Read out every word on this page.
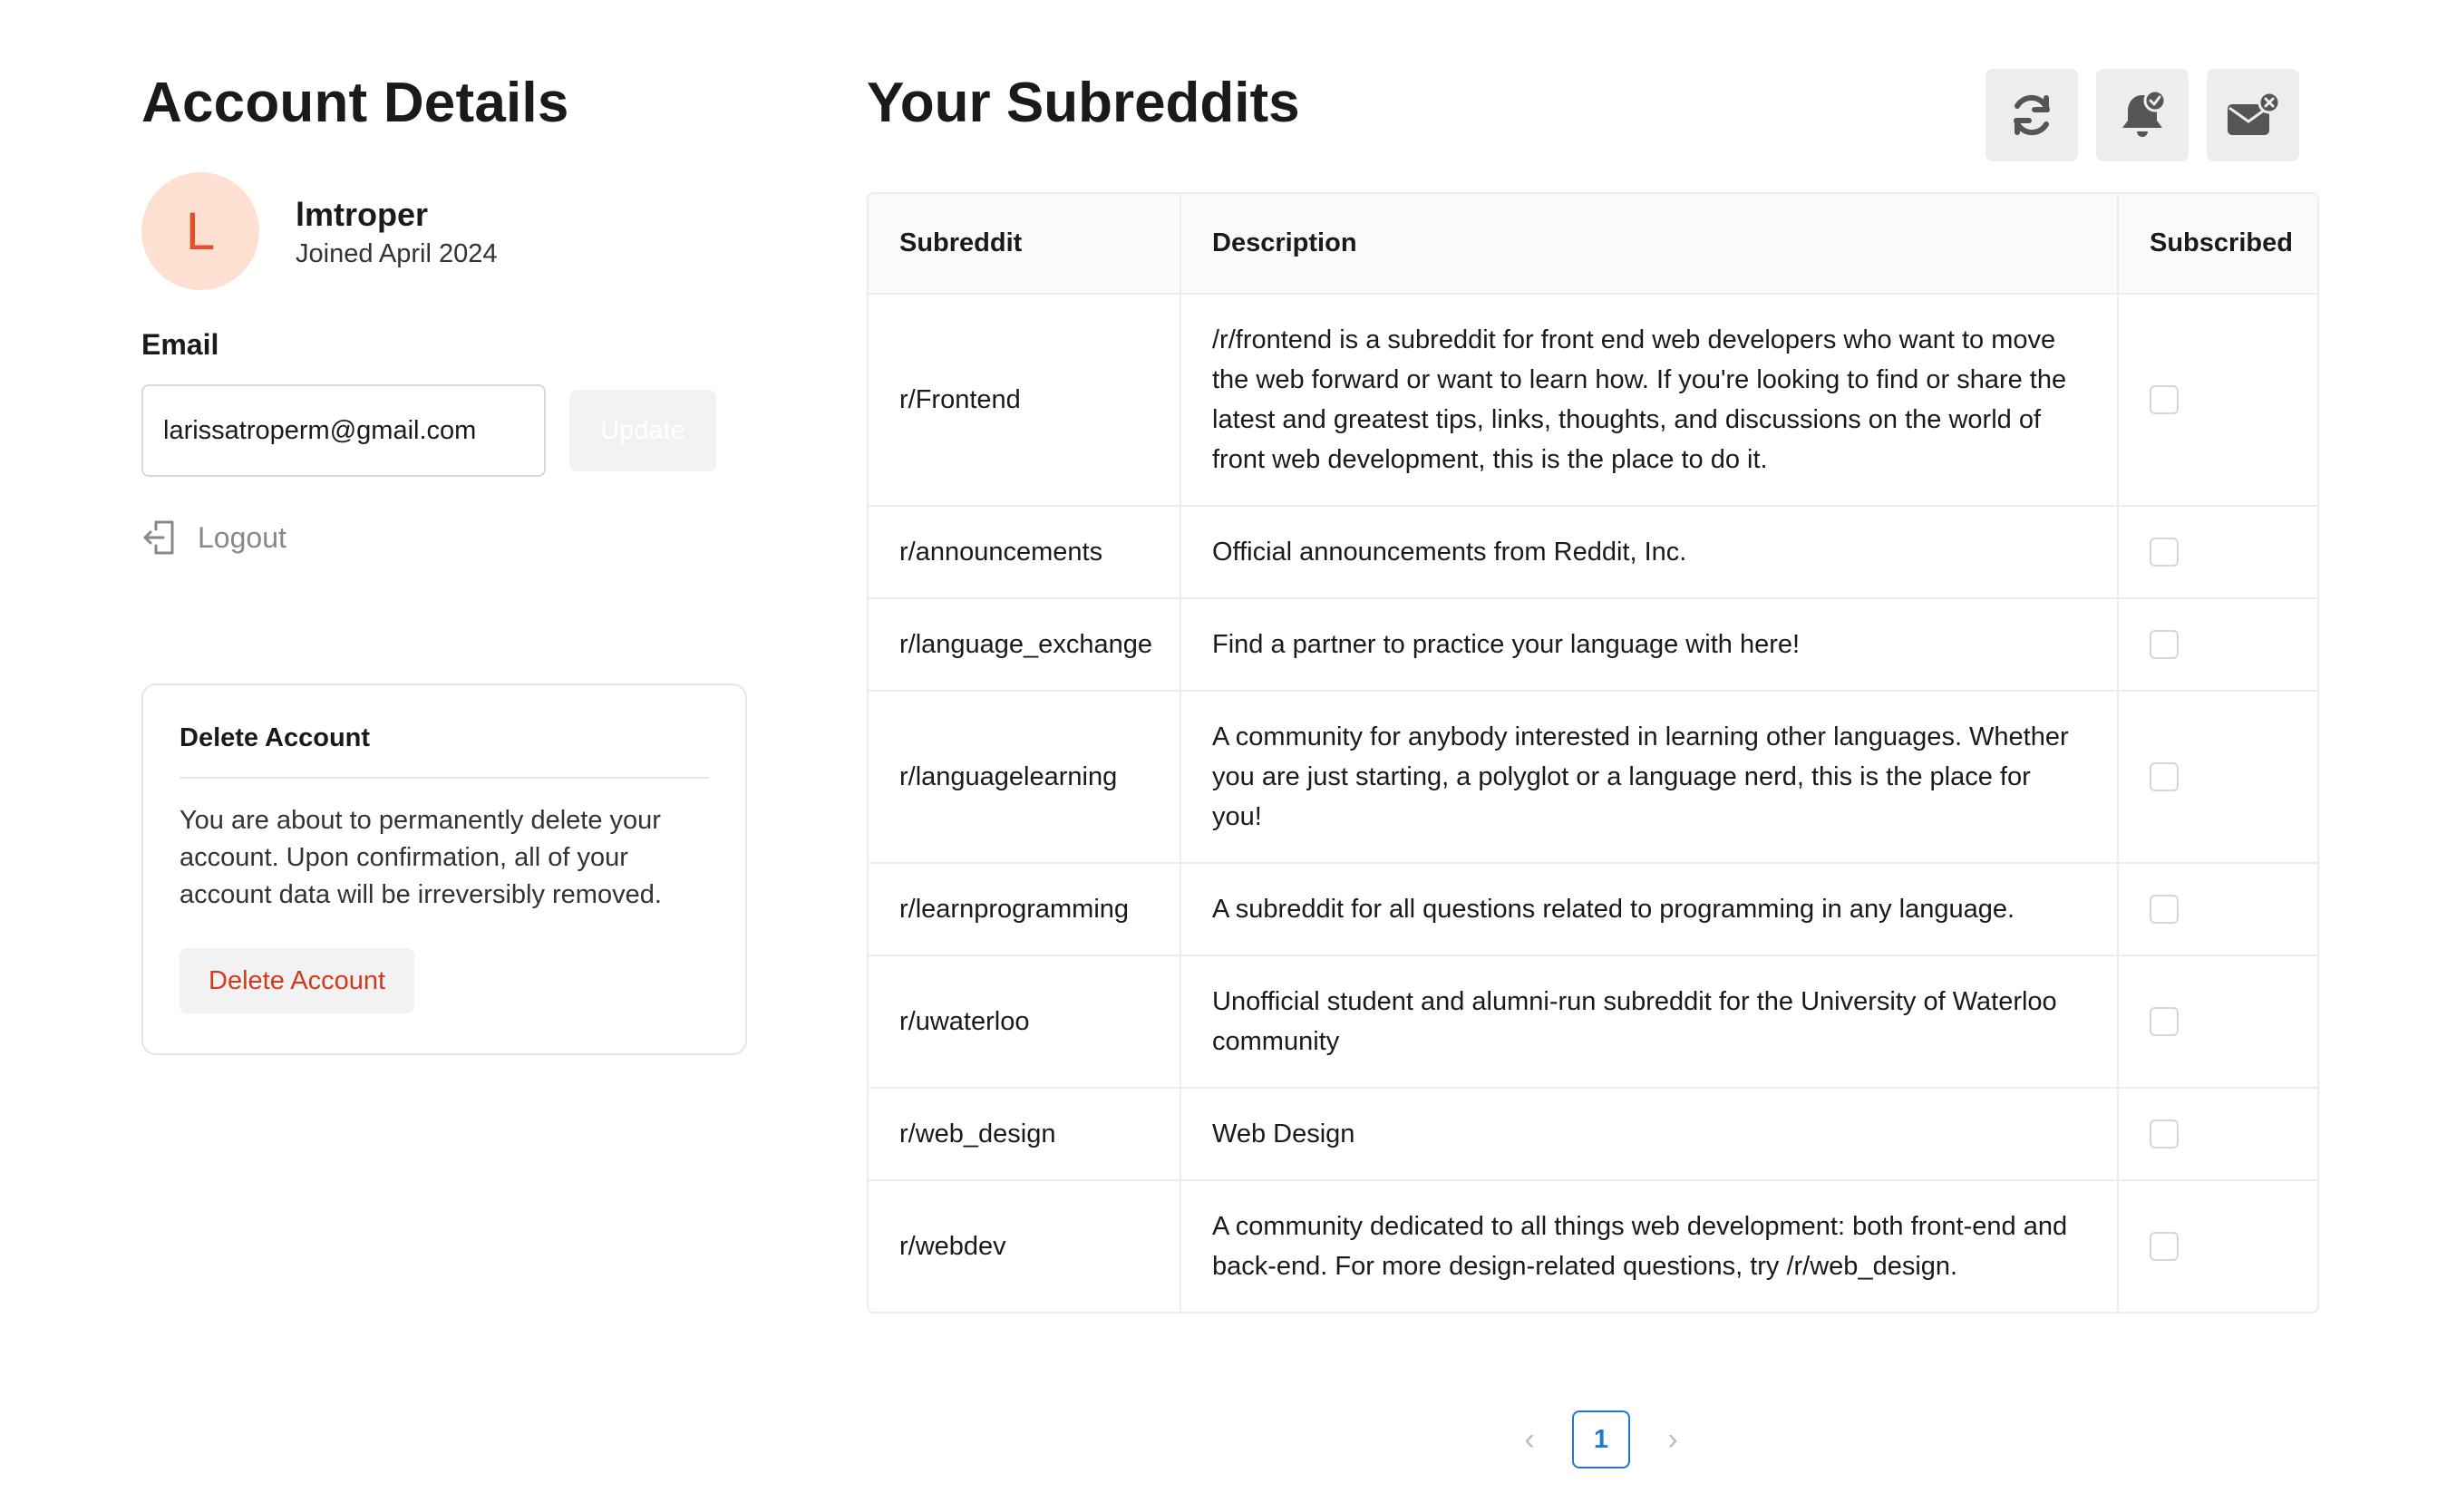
Account Details
L	lmtroper
Joined April 2024
Email
larissatroperm@gmail.com
Update
Logout
Delete Account
You are about to permanently delete your account. Upon confirmation, all of your account data will be irreversibly removed.
Delete Account
Your Subreddits
Subreddit	Description	Subscribed
r/Frontend	/r/frontend is a subreddit for front end web developers who want to move the web forward or want to learn how. If you're looking to find or share the latest and greatest tips, links, thoughts, and discussions on the world of front web development, this is the place to do it.	

r/announcements	Official announcements from Reddit, Inc.	

r/language_exchange	Find a partner to practice your language with here!	

r/languagelearning	A community for anybody interested in learning other languages. Whether you are just starting, a polyglot or a language nerd, this is the place for you!	

r/learnprogramming	A subreddit for all questions related to programming in any language.	

r/uwaterloo	Unofficial student and alumni-run subreddit for the University of Waterloo community	

r/web_design	Web Design	

r/webdev	A community dedicated to all things web development: both front-end and back-end. For more design-related questions, try /r/web_design.	
‹	1	›
